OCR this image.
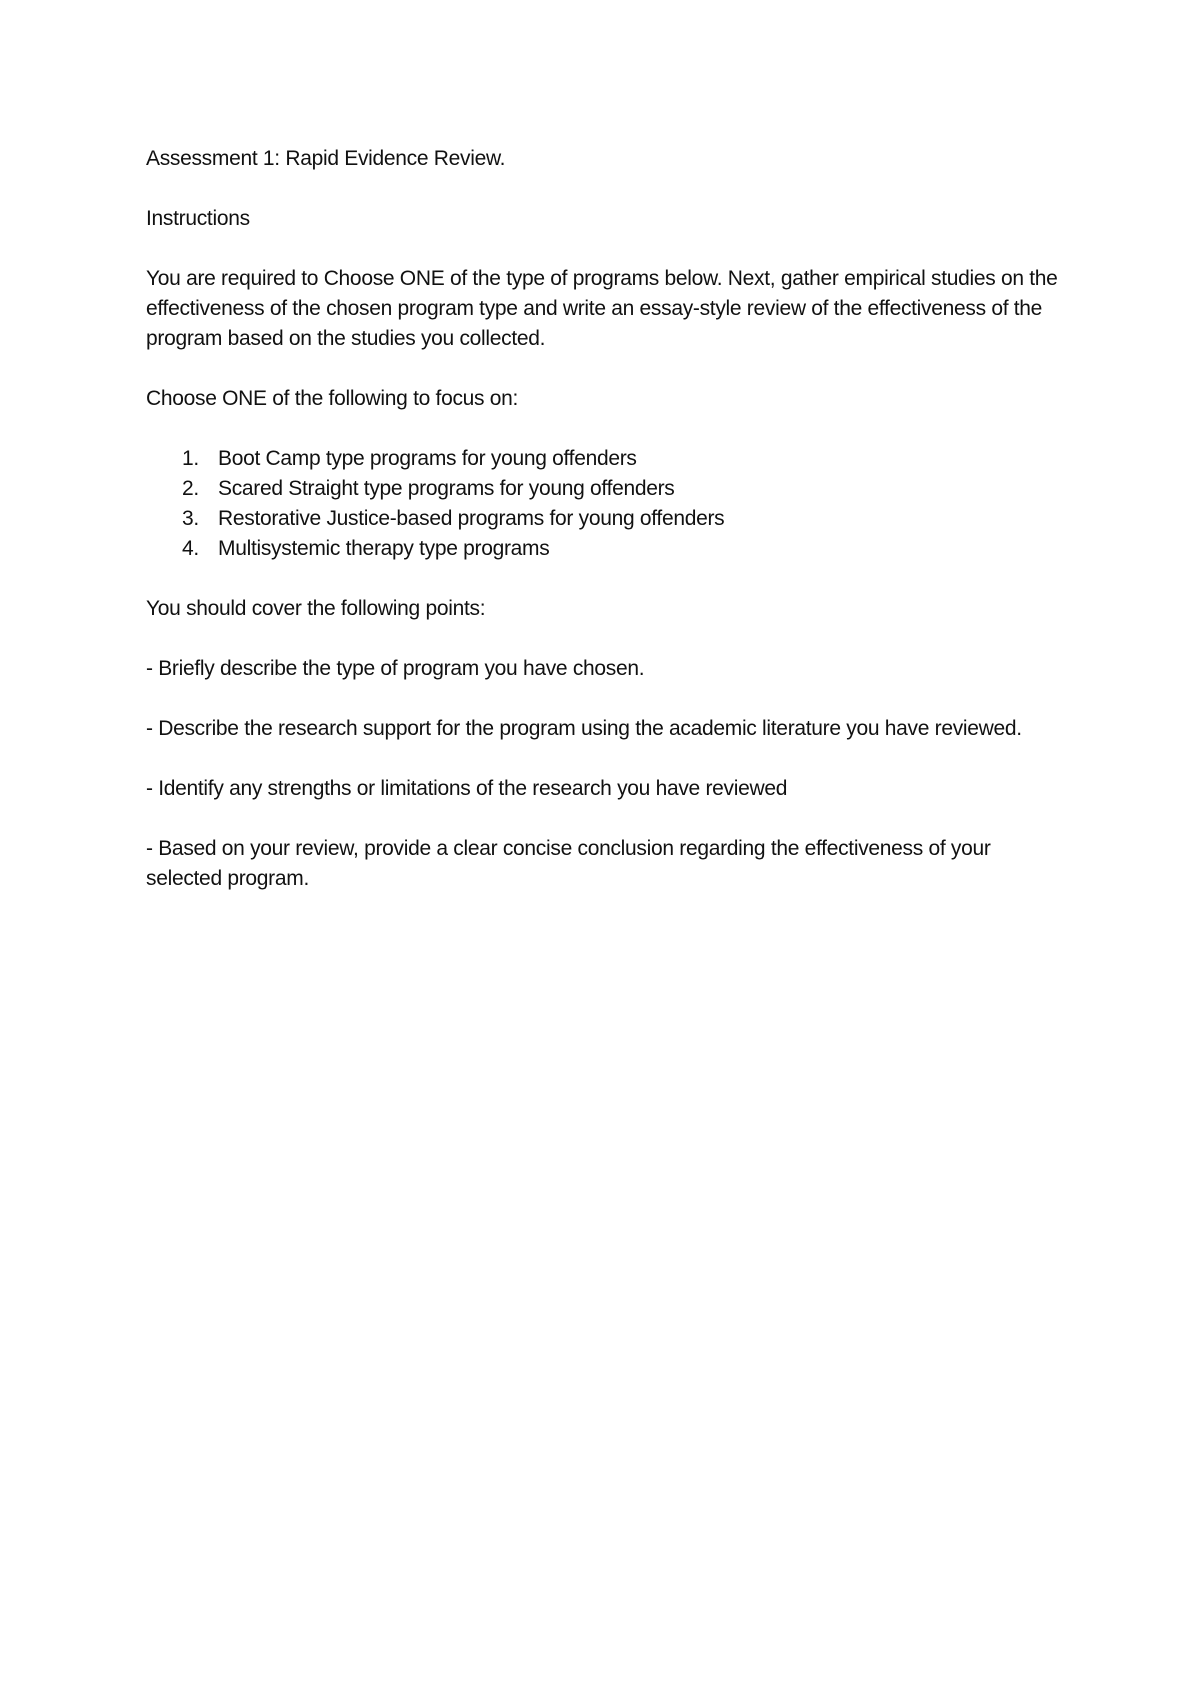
Assessment 1: Rapid Evidence Review.

Instructions

You are required to Choose ONE of the type of programs below. Next, gather empirical studies on the effectiveness of the chosen program type and write an essay-style review of the effectiveness of the program based on the studies you collected.

Choose ONE of the following to focus on:

1. Boot Camp type programs for young offenders
2. Scared Straight type programs for young offenders
3. Restorative Justice-based programs for young offenders
4. Multisystemic therapy type programs

You should cover the following points:

- Briefly describe the type of program you have chosen.

- Describe the research support for the program using the academic literature you have reviewed.

- Identify any strengths or limitations of the research you have reviewed

- Based on your review, provide a clear concise conclusion regarding the effectiveness of your selected program.
